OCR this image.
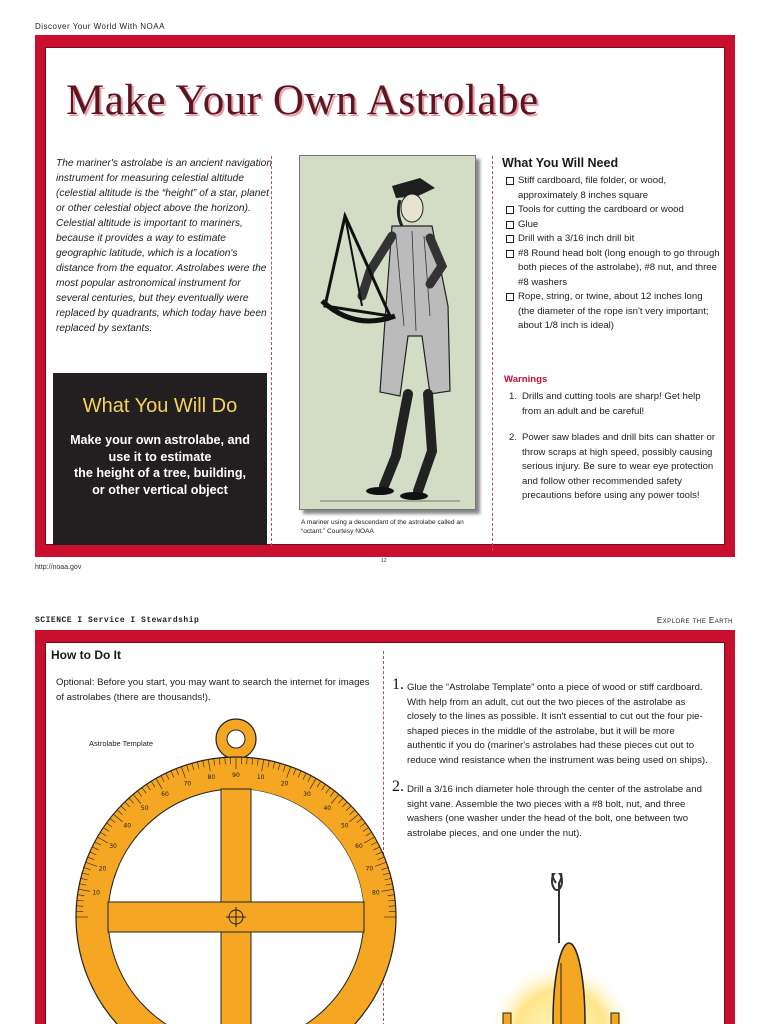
Discover Your World With NOAA
Make Your Own Astrolabe
The mariner's astrolabe is an ancient navigation instrument for measuring celestial altitude (celestial altitude is the “height” of a star, planet or other celestial object above the horizon). Celestial altitude is important to mariners, because it provides a way to estimate geographic latitude, which is a location's distance from the equator. Astrolabes were the most popular astronomical instrument for several centuries, but they eventually were replaced by quadrants, which today have been replaced by sextants.
What You Will Do

Make your own astrolabe, and
use it to estimate
the height of a tree, building,
or other vertical object

A mariner using a descendant of the astrolabe called an “octant.” Courtesy NOAA
What You Will Need
Stiff cardboard, file folder, or wood, approximately 8 inches square
Tools for cutting the cardboard or wood
Glue
Drill with a 3/16 inch drill bit
#8 Round head bolt (long enough to go through both pieces of the astrolabe), #8 nut, and three #8 washers
Rope, string, or twine, about 12 inches long (the diameter of the rope isn't very important; about 1/8 inch is ideal)
Warnings
1. Drills and cutting tools are sharp! Get help from an adult and be careful!
2. Power saw blades and drill bits can shatter or throw scraps at high speed, possibly causing serious injury. Be sure to wear eye protection and follow other recommended safety precautions before using any power tools!
http://noaa.gov
12
SCIENCE I Service I Stewardship	Explore the Earth
How to Do It
Optional: Before you start, you may want to search the internet for images of astrolabes (there are thousands!).
90
80
70
60
50
40
30
20
10
10
20
30
40
50
60
70
80
Astrolabe Template
1. Glue the “Astrolabe Template” onto a piece of wood or stiff cardboard. With help from an adult, cut out the two pieces of the astrolabe as closely to the lines as possible. It isn't essential to cut out the four pie-shaped pieces in the middle of the astrolabe, but it will be more authentic if you do (mariner's astrolabes had these pieces cut out to reduce wind resistance when the instrument was being used on ships).
2. Drill a 3/16 inch diameter hole through the center of the astrolabe and sight vane. Assemble the two pieces with a #8 bolt, nut, and three washers (one washer under the head of the bolt, one between two astrolabe pieces, and one under the nut).
